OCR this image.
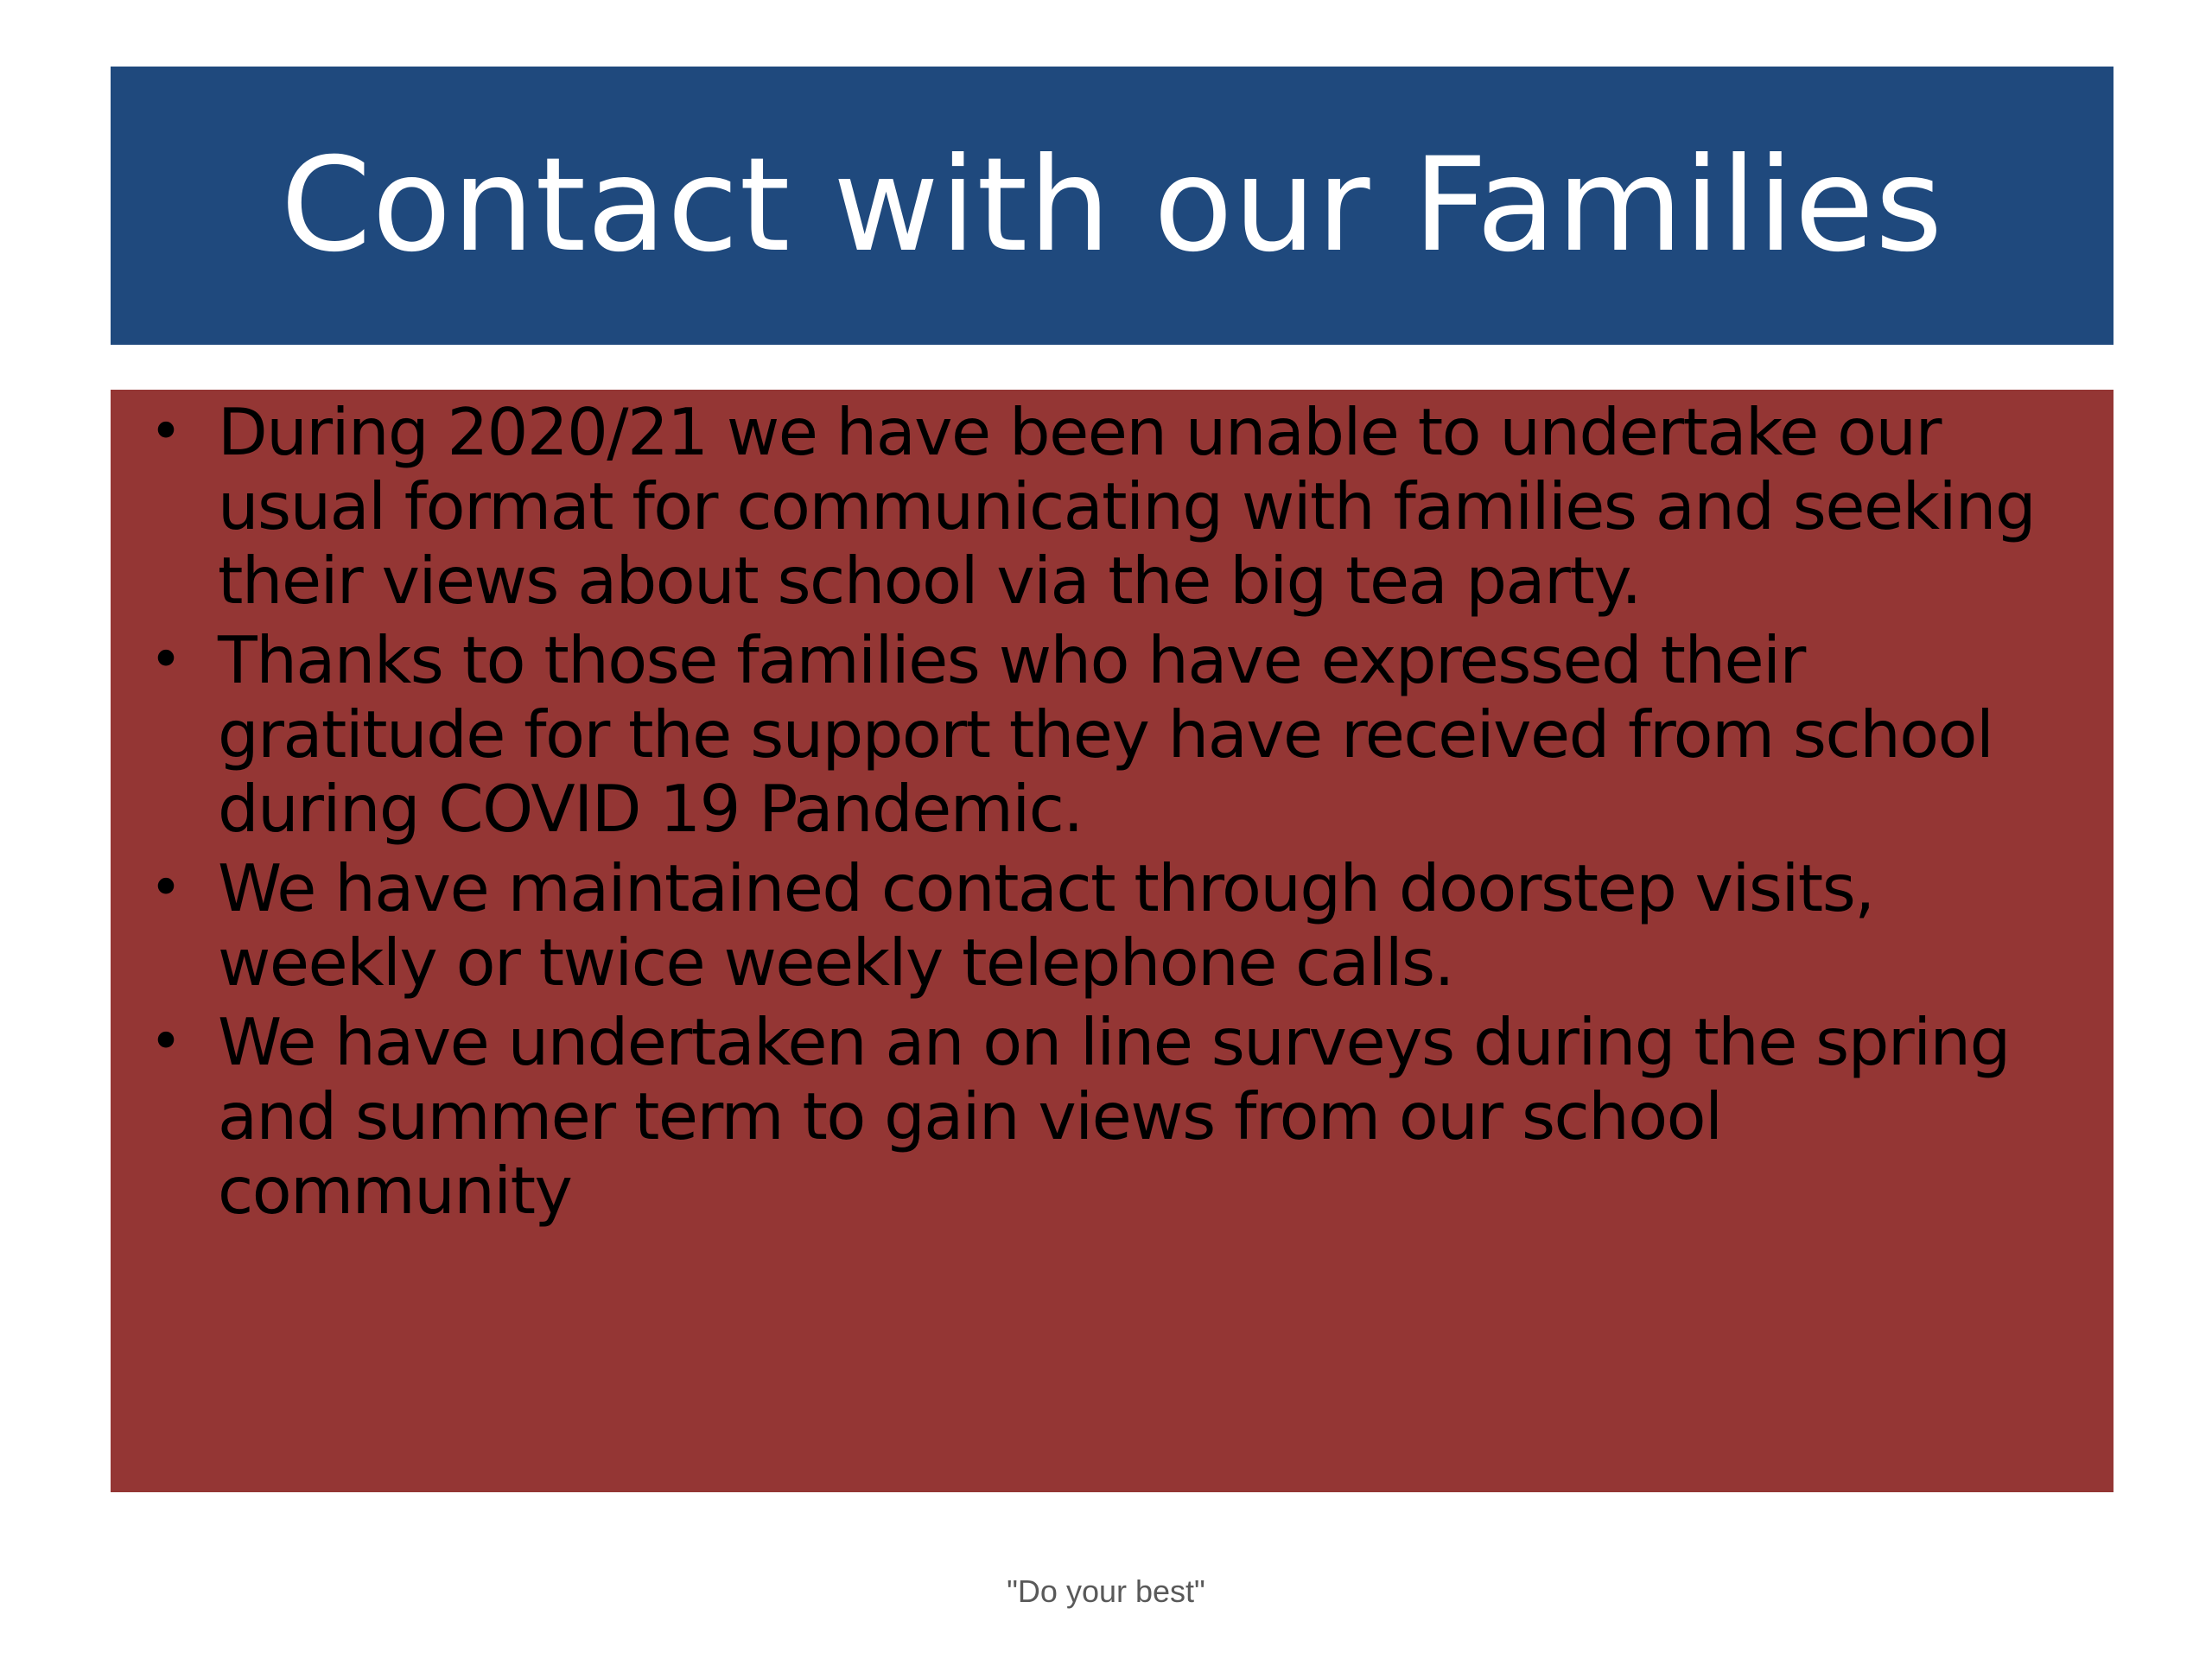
Contact with our Families
• During 2020/21 we have been unable to undertake our usual format for communicating with families and seeking their views about school via the big tea party.
• Thanks to those families who have expressed their gratitude for the support they have received from school during COVID 19 Pandemic.
• We have maintained contact through doorstep visits, weekly or twice weekly telephone calls.
• We have undertaken an on line surveys during the spring and summer term to gain views from our school community
"Do your best"
